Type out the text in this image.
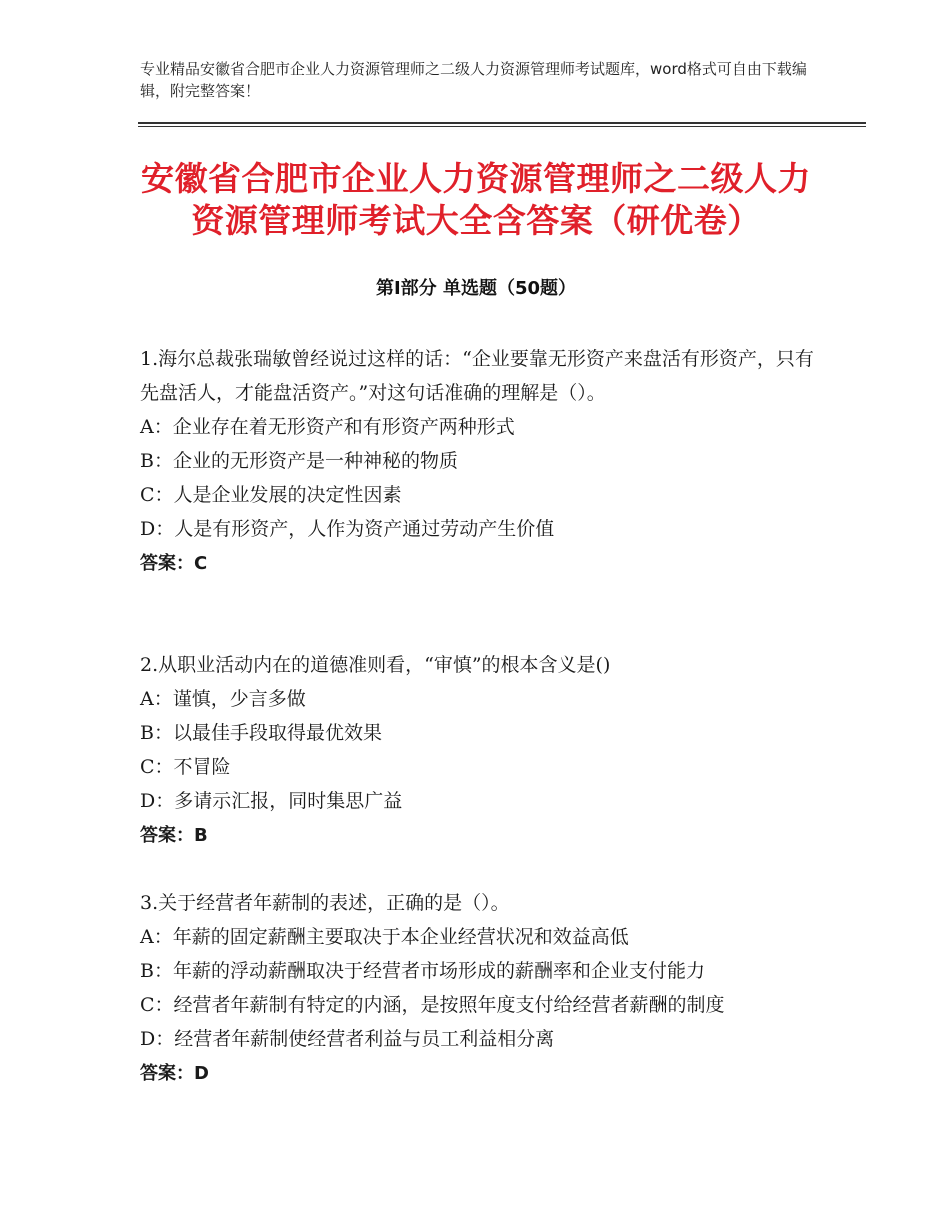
专业精品安徽省合肥市企业人力资源管理师之二级人力资源管理师考试题库，word格式可自由下载编辑，附完整答案！
安徽省合肥市企业人力资源管理师之二级人力资源管理师考试大全含答案（研优卷）
第Ⅰ部分 单选题（50题）

1.海尔总裁张瑞敏曾经说过这样的话：“企业要靠无形资产来盘活有形资产，只有先盘活人，才能盘活资产。”对这句话准确的理解是（）。

A：企业存在着无形资产和有形资产两种形式

B：企业的无形资产是一种神秘的物质

C：人是企业发展的决定性因素

D：人是有形资产，人作为资产通过劳动产生价值

答案：C

2.从职业活动内在的道德准则看，“审慎”的根本含义是()

A：谨慎，少言多做

B：以最佳手段取得最优效果

C：不冒险

D：多请示汇报，同时集思广益

答案：B

3.关于经营者年薪制的表述，正确的是（）。

A：年薪的固定薪酬主要取决于本企业经营状况和效益高低

B：年薪的浮动薪酬取决于经营者市场形成的薪酬率和企业支付能力

C：经营者年薪制有特定的内涵，是按照年度支付给经营者薪酬的制度

D：经营者年薪制使经营者利益与员工利益相分离

答案：D
